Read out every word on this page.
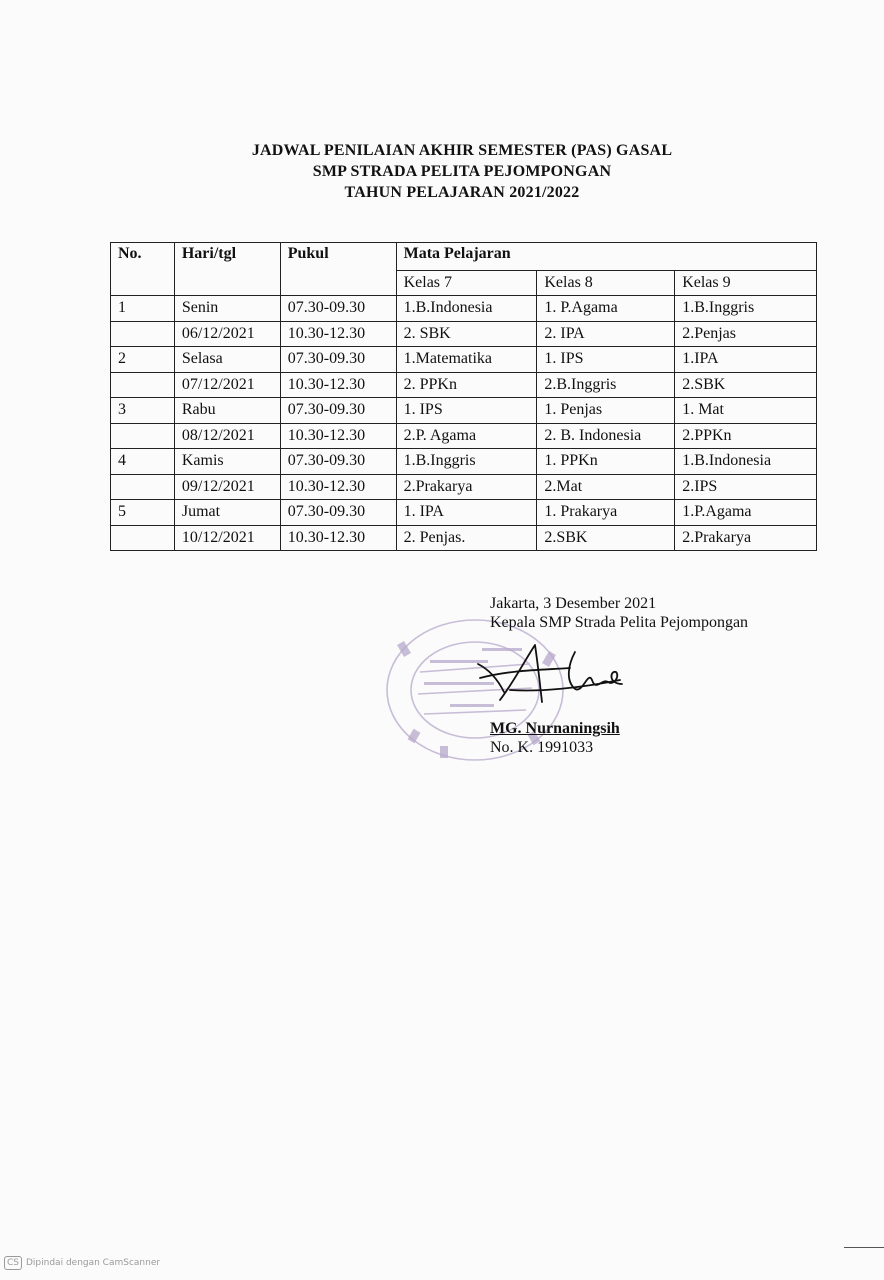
JADWAL PENILAIAN AKHIR SEMESTER (PAS) GASAL
SMP STRADA PELITA PEJOMPONGAN
TAHUN PELAJARAN 2021/2022
No.	Hari/tgl	Pukul	Mata Pelajaran		
			Kelas 7	Kelas 8	Kelas 9
1	Senin	07.30-09.30	1.B.Indonesia	1. P.Agama	1.B.Inggris
	06/12/2021	10.30-12.30	2. SBK	2. IPA	2.Penjas
2	Selasa	07.30-09.30	1.Matematika	1. IPS	1.IPA
	07/12/2021	10.30-12.30	2. PPKn	2.B.Inggris	2.SBK
3	Rabu	07.30-09.30	1. IPS	1. Penjas	1. Mat
	08/12/2021	10.30-12.30	2.P. Agama	2. B. Indonesia	2.PPKn
4	Kamis	07.30-09.30	1.B.Inggris	1. PPKn	1.B.Indonesia
	09/12/2021	10.30-12.30	2.Prakarya	2.Mat	2.IPS
5	Jumat	07.30-09.30	1. IPA	1. Prakarya	1.P.Agama
	10/12/2021	10.30-12.30	2. Penjas.	2.SBK	2.Prakarya
Jakarta, 3 Desember 2021
Kepala SMP Strada Pelita Pejompongan
MG. Nurnaningsih
No. K. 1991033
CS Dipindai dengan CamScanner
